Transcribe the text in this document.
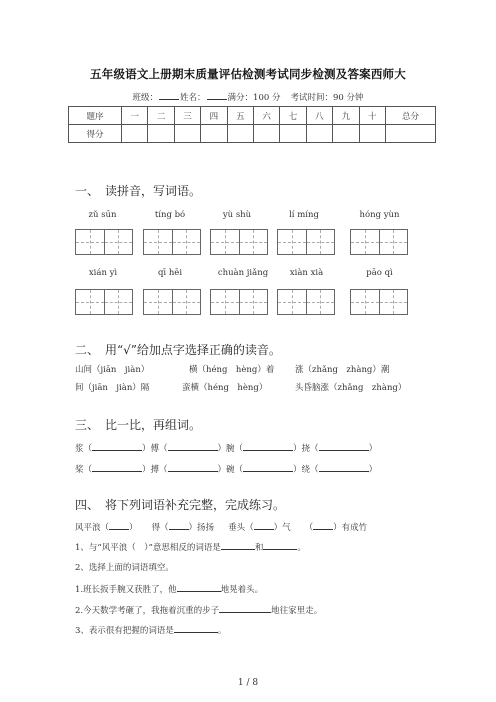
五年级语文上册期末质量评估检测考试同步检测及答案西师大
班级：	姓名：	满分：100 分 考试时间：90 分钟
题序	一	二	三	四	五	六	七	八	九	十	总分
得分											
一、 读拼音，写词语。
zǔ sūn	tíng bó	yù shù	lí míng	hóng yùn
xián yì	qī hēi	chuàn jiǎng	xiàn xià	pāo qì
二、 用“√”给加点字选择正确的读音。
山间（jiān　jiàn）	横（héng　hèng）着 涨（zhǎng　zhàng）潮
间（jiān　jiàn）隔	蛮横（héng　hèng）	头昏脑涨（zhǎng　zhàng）
三、 比一比，再组词。
浆（	）傅（	）腕（	）挠（	）
桨（	）搏（	）碗（	）绕（	）
四、 将下列词语补充完整，完成练习。
风平浪（ ） 得（ ）扬扬 垂头（ ）气 （ ）有成竹
1、与“风平浪（　）”意思相反的词语是	和	。
2、选择上面的词语填空。
1.班长扳手腕又获胜了，他	地晃着头。
2.今天数学考砸了，我拖着沉重的步子	地往家里走。
3、表示很有把握的词语是	。
1 / 8
